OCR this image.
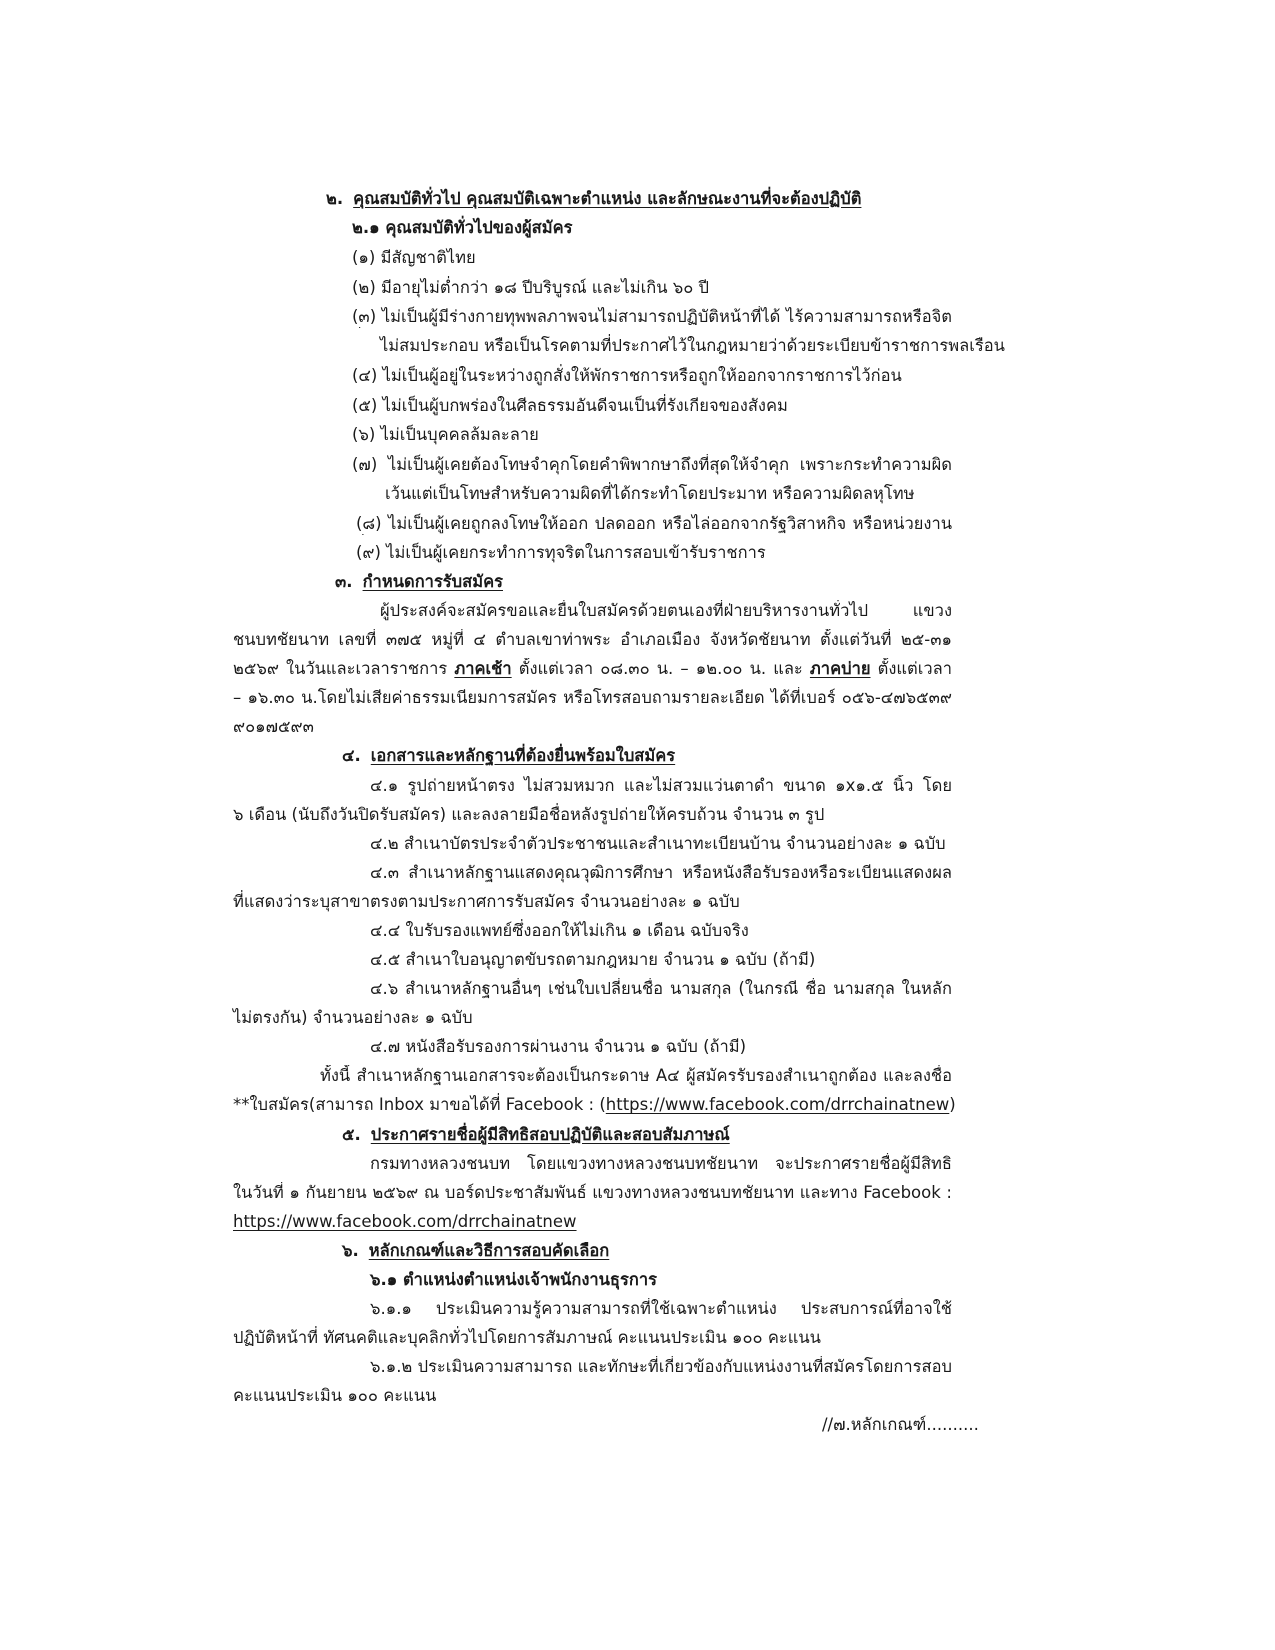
๒. คุณสมบัติทั่วไป คุณสมบัติเฉพาะตำแหน่ง และลักษณะงานที่จะต้องปฏิบัติ
๒.๑ คุณสมบัติทั่วไปของผู้สมัคร
(๑) มีสัญชาติไทย
(๒) มีอายุไม่ต่ำกว่า ๑๘ ปีบริบูรณ์ และไม่เกิน ๖๐ ปี
(๓) ไม่เป็นผู้มีร่างกายทุพพลภาพจนไม่สามารถปฏิบัติหน้าที่ได้ ไร้ความสามารถหรือจิต
ไม่สมประกอบ หรือเป็นโรคตามที่ประกาศไว้ในกฎหมายว่าด้วยระเบียบข้าราชการพลเรือน
(๔) ไม่เป็นผู้อยู่ในระหว่างถูกสั่งให้พักราชการหรือถูกให้ออกจากราชการไว้ก่อน
(๕) ไม่เป็นผู้บกพร่องในศีลธรรมอันดีจนเป็นที่รังเกียจของสังคม
(๖) ไม่เป็นบุคคลล้มละลาย
(๗) ไม่เป็นผู้เคยต้องโทษจำคุกโดยคำพิพากษาถึงที่สุดให้จำคุก เพราะกระทำความผิด
เว้นแต่เป็นโทษสำหรับความผิดที่ได้กระทำโดยประมาท หรือความผิดลหุโทษ
(๘) ไม่เป็นผู้เคยถูกลงโทษให้ออก ปลดออก หรือไล่ออกจากรัฐวิสาหกิจ หรือหน่วยงาน
(๙) ไม่เป็นผู้เคยกระทำการทุจริตในการสอบเข้ารับราชการ
๓. กำหนดการรับสมัคร
ผู้ประสงค์จะสมัครขอและยื่นใบสมัครด้วยตนเองที่ฝ่ายบริหารงานทั่วไป แขวง
ชนบทชัยนาท เลขที่ ๓๗๕ หมู่ที่ ๔ ตำบลเขาท่าพระ อำเภอเมือง จังหวัดชัยนาท ตั้งแต่วันที่ ๒๕-๓๑
๒๕๖๙ ในวันและเวลาราชการ ภาคเช้า ตั้งแต่เวลา ๐๘.๓๐ น. – ๑๒.๐๐ น. และ ภาคบ่าย ตั้งแต่เวลา
– ๑๖.๓๐ น.โดยไม่เสียค่าธรรมเนียมการสมัคร หรือโทรสอบถามรายละเอียด ได้ที่เบอร์ ๐๕๖-๔๗๖๕๓๙
๙๐๑๗๕๙๓
๔. เอกสารและหลักฐานที่ต้องยื่นพร้อมใบสมัคร
๔.๑ รูปถ่ายหน้าตรง ไม่สวมหมวก และไม่สวมแว่นตาดำ ขนาด ๑x๑.๕ นิ้ว โดย
๖ เดือน (นับถึงวันปิดรับสมัคร) และลงลายมือชื่อหลังรูปถ่ายให้ครบถ้วน จำนวน ๓ รูป
๔.๒ สำเนาบัตรประจำตัวประชาชนและสำเนาทะเบียนบ้าน จำนวนอย่างละ ๑ ฉบับ
๔.๓ สำเนาหลักฐานแสดงคุณวุฒิการศึกษา หรือหนังสือรับรองหรือระเบียนแสดงผล
ที่แสดงว่าระบุสาขาตรงตามประกาศการรับสมัคร จำนวนอย่างละ ๑ ฉบับ
๔.๔ ใบรับรองแพทย์ซึ่งออกให้ไม่เกิน ๑ เดือน ฉบับจริง
๔.๕ สำเนาใบอนุญาตขับรถตามกฎหมาย จำนวน ๑ ฉบับ (ถ้ามี)
๔.๖ สำเนาหลักฐานอื่นๆ เช่นใบเปลี่ยนชื่อ นามสกุล (ในกรณี ชื่อ นามสกุล ในหลัก
ไม่ตรงกัน) จำนวนอย่างละ ๑ ฉบับ
๔.๗ หนังสือรับรองการผ่านงาน จำนวน ๑ ฉบับ (ถ้ามี)
ทั้งนี้ สำเนาหลักฐานเอกสารจะต้องเป็นกระดาษ A๔ ผู้สมัครรับรองสำเนาถูกต้อง และลงชื่อ
**ใบสมัคร(สามารถ Inbox มาขอได้ที่ Facebook : (https://www.facebook.com/drrchainatnew)
๕. ประกาศรายชื่อผู้มีสิทธิสอบปฏิบัติและสอบสัมภาษณ์
กรมทางหลวงชนบท โดยแขวงทางหลวงชนบทชัยนาท จะประกาศรายชื่อผู้มีสิทธิ
ในวันที่ ๑ กันยายน ๒๕๖๙ ณ บอร์ดประชาสัมพันธ์ แขวงทางหลวงชนบทชัยนาท และทาง Facebook :
https://www.facebook.com/drrchainatnew
๖. หลักเกณฑ์และวิธีการสอบคัดเลือก
๖.๑ ตำแหน่งตำแหน่งเจ้าพนักงานธุรการ
๖.๑.๑ ประเมินความรู้ความสามารถที่ใช้เฉพาะตำแหน่ง ประสบการณ์ที่อาจใช้
ปฏิบัติหน้าที่ ทัศนคติและบุคลิกทั่วไปโดยการสัมภาษณ์ คะแนนประเมิน ๑๐๐ คะแนน
๖.๑.๒ ประเมินความสามารถ และทักษะที่เกี่ยวข้องกับแหน่งงานที่สมัครโดยการสอบ
คะแนนประเมิน ๑๐๐ คะแนน
//๗.หลักเกณฑ์..........
